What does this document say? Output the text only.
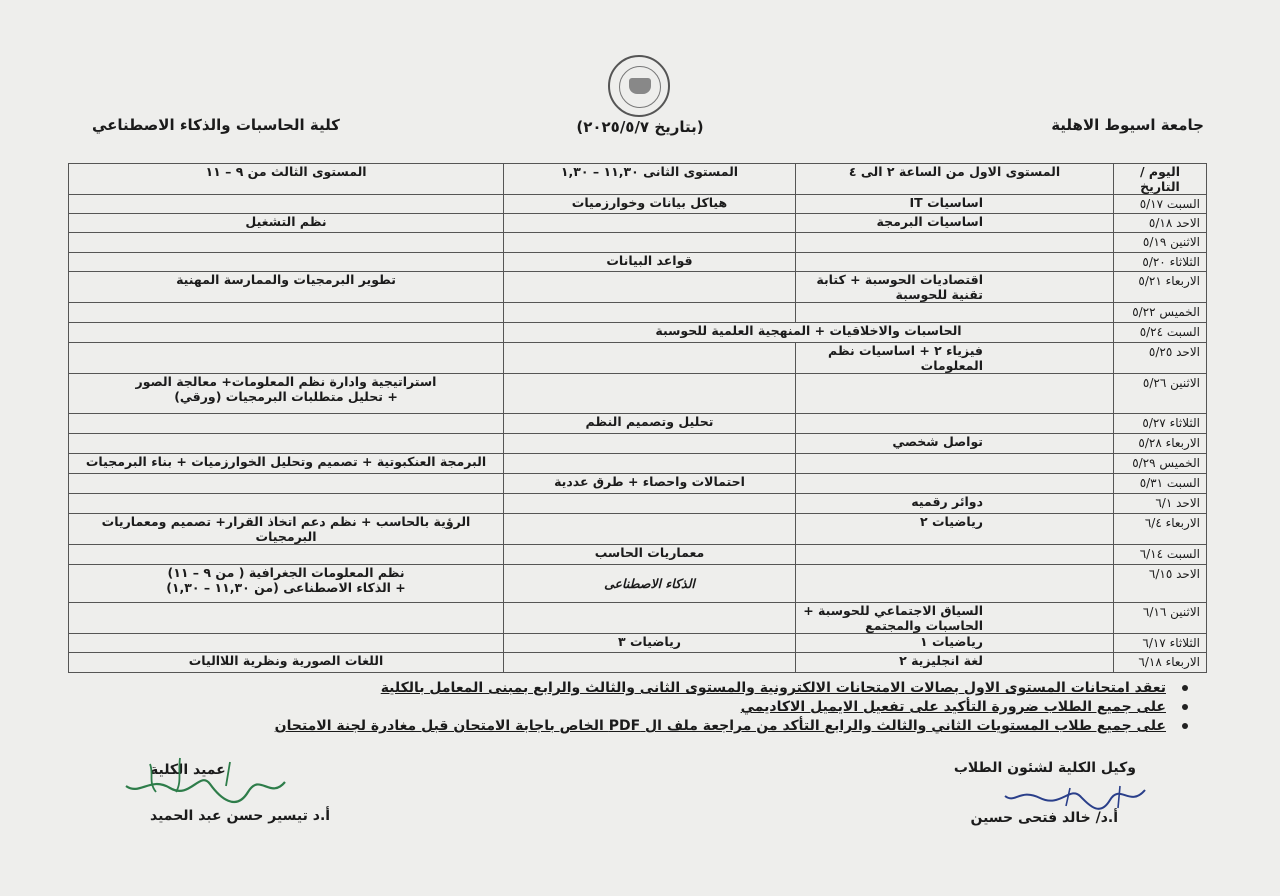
جامعة اسيوط الاهلية
(بتاريخ ٢٠٢٥/٥/٧)
كلية الحاسبات والذكاء الاصطناعي
اليوم / التاريخ	المستوى الاول من الساعة ٢ الى ٤	المستوى الثانى ١١,٣٠ – ١,٣٠	المستوى الثالث من ٩ – ١١

السبت ٥/١٧	اساسيات IT	هياكل بيانات وخوارزميات	

الاحد ٥/١٨	اساسيات البرمجة		نظم التشغيل

الاثنين ٥/١٩			

الثلاثاء ٥/٢٠		قواعد البيانات	

الاربعاء ٥/٢١	اقتصاديات الحوسبة + كتابة تقنية للحوسبة		تطوير البرمجيات والممارسة المهنية

الخميس ٥/٢٢			

السبت ٥/٢٤	الحاسبات والاخلاقيات + المنهجية العلمية للحوسبة		

الاحد ٥/٢٥	فيزياء ٢ + اساسيات نظم المعلومات		

الاثنين ٥/٢٦			استراتيجية وادارة نظم المعلومات+ معالجة الصور
+ تحليل متطلبات البرمجيات (ورقي)

الثلاثاء ٥/٢٧		تحليل وتصميم النظم	

الاربعاء ٥/٢٨	تواصل شخصي		

الخميس ٥/٢٩			البرمجة العنكبوتية + تصميم وتحليل الخوارزميات + بناء البرمجيات

السبت ٥/٣١		احتمالات واحصاء + طرق عددية	

الاحد ٦/١	دوائر رقميه		

الاربعاء ٦/٤	رياضيات ٢		الرؤية بالحاسب + نظم دعم اتخاذ القرار+ تصميم ومعماريات البرمجيات

السبت ٦/١٤		معماريات الحاسب	

الاحد ٦/١٥		الذكاء الاصطناعى	نظم المعلومات الجغرافية ( من ٩ – ١١)
+ الذكاء الاصطناعى (من ١١,٣٠ – ١,٣٠)

الاثنين ٦/١٦	السياق الاجتماعي للحوسبة + الحاسبات والمجتمع		

الثلاثاء ٦/١٧	رياضيات ١	رياضيات ٣	

الاربعاء ٦/١٨	لغة انجليزية ٢		اللغات الصورية ونظرية اللااليات
تعقد امتحانات المستوى الاول بصالات الامتحانات الالكترونية والمستوى الثانى والثالث والرابع بمبنى المعامل بالكلية
على جميع الطلاب ضرورة التأكيد على تفعيل الايميل الاكاديمي
على جميع طلاب المستويات الثاني والثالث والرابع التأكد من مراجعة ملف ال PDF الخاص باجابة الامتحان قبل مغادرة لجنة الامتحان
وكيل الكلية لشئون الطلاب
أ.د/ خالد فتحى حسين
عميد الكلية
أ.د تيسير حسن عبد الحميد
